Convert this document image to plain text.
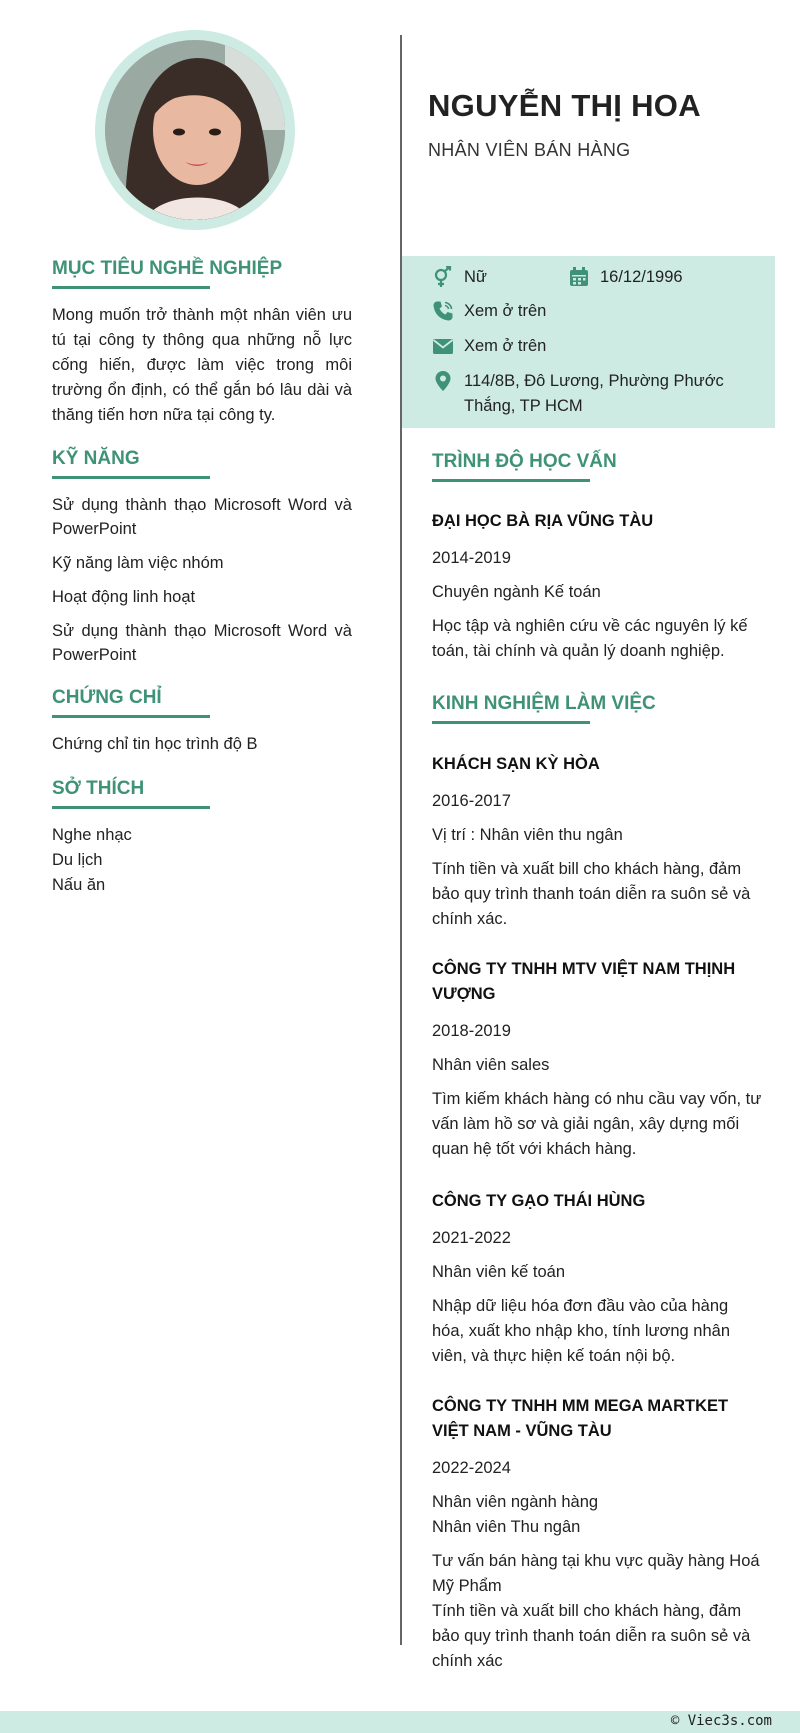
MỤC TIÊU NGHỀ NGHIỆP
Mong muốn trở thành một nhân viên ưu tú tại công ty thông qua những nỗ lực cống hiến, được làm việc trong môi trường ổn định, có thể gắn bó lâu dài và thăng tiến hơn nữa tại công ty.
KỸ NĂNG
Sử dụng thành thạo Microsoft Word và PowerPoint
Kỹ năng làm việc nhóm
Hoạt động linh hoạt
Sử dụng thành thạo Microsoft Word và PowerPoint
CHỨNG CHỈ
Chứng chỉ tin học trình độ B
SỞ THÍCH
Nghe nhạc
Du lịch
Nấu ăn
NGUYỄN THỊ HOA
NHÂN VIÊN BÁN HÀNG
Nữ	16/12/1996
Xem ở trên
Xem ở trên
114/8B, Đô Lương, Phường Phước
Thắng, TP HCM
TRÌNH ĐỘ HỌC VẤN
ĐẠI HỌC BÀ RỊA VŨNG TÀU
2014-2019
Chuyên ngành Kế toán
Học tập và nghiên cứu về các nguyên lý kế toán, tài chính và quản lý doanh nghiệp.
KINH NGHIỆM LÀM VIỆC
KHÁCH SẠN KỲ HÒA
2016-2017
Vị trí : Nhân viên thu ngân
Tính tiền và xuất bill cho khách hàng, đảm bảo quy trình thanh toán diễn ra suôn sẻ và chính xác.
CÔNG TY TNHH MTV VIỆT NAM THỊNH VƯỢNG
2018-2019
Nhân viên sales
Tìm kiếm khách hàng có nhu cầu vay vốn, tư vấn làm hồ sơ và giải ngân, xây dựng mối quan hệ tốt với khách hàng.
CÔNG TY GẠO THÁI HÙNG
2021-2022
Nhân viên kế toán
Nhập dữ liệu hóa đơn đầu vào của hàng hóa, xuất kho nhập kho, tính lương nhân viên, và thực hiện kế toán nội bộ.
CÔNG TY TNHH MM MEGA MARTKET VIỆT NAM - VŨNG TÀU
2022-2024
Nhân viên ngành hàng
Nhân viên Thu ngân
Tư vấn bán hàng tại khu vực quầy hàng Hoá Mỹ Phẩm
Tính tiền và xuất bill cho khách hàng, đảm bảo quy trình thanh toán diễn ra suôn sẻ và chính xác
© Viec3s.com
